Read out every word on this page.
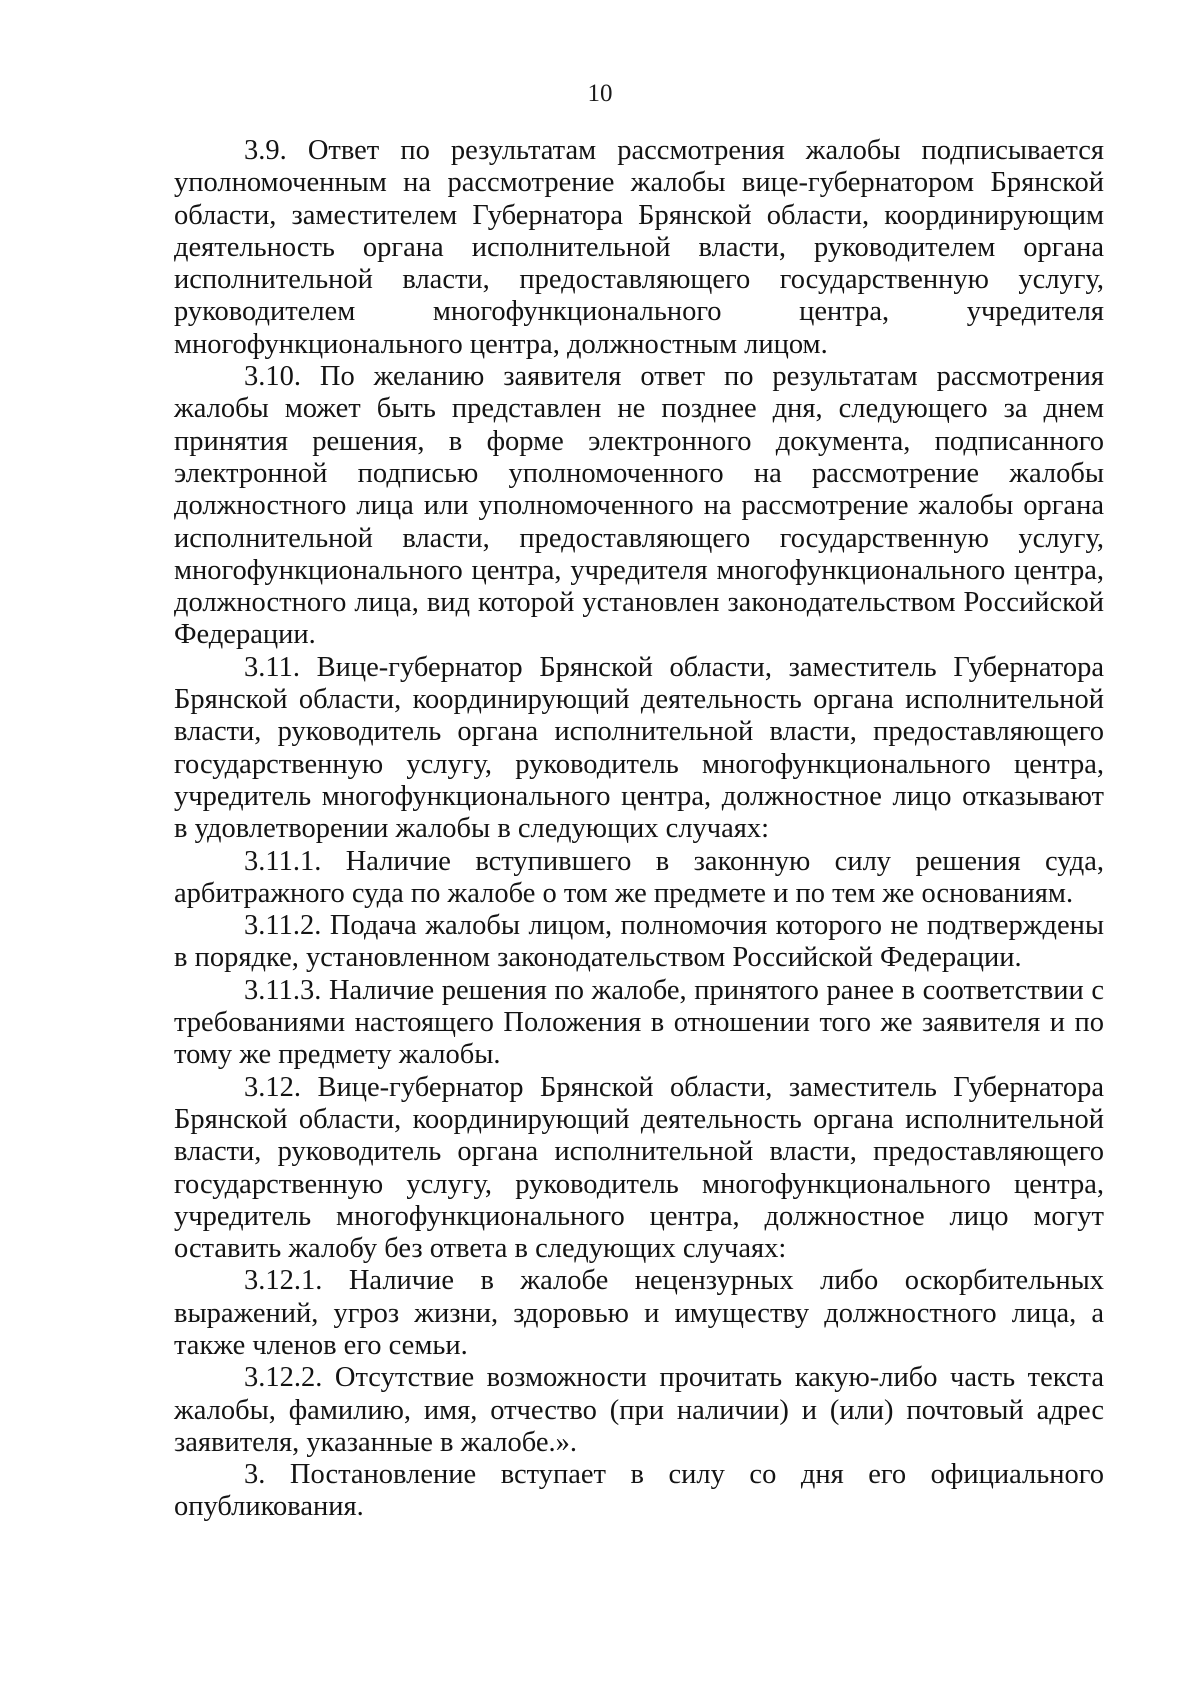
10

3.9. Ответ по результатам рассмотрения жалобы подписывается уполномоченным на рассмотрение жалобы вице-губернатором Брянской области, заместителем Губернатора Брянской области, координирующим деятельность органа исполнительной власти, руководителем органа исполнительной власти, предоставляющего государственную услугу, руководителем многофункционального центра, учредителя многофункционального центра, должностным лицом.

3.10. По желанию заявителя ответ по результатам рассмотрения жалобы может быть представлен не позднее дня, следующего за днем принятия решения, в форме электронного документа, подписанного электронной подписью уполномоченного на рассмотрение жалобы должностного лица или уполномоченного на рассмотрение жалобы органа исполнительной власти, предоставляющего государственную услугу, многофункционального центра, учредителя многофункционального центра, должностного лица, вид которой установлен законодательством Российской Федерации.

3.11. Вице-губернатор Брянской области, заместитель Губернатора Брянской области, координирующий деятельность органа исполнительной власти, руководитель органа исполнительной власти, предоставляющего государственную услугу, руководитель многофункционального центра, учредитель многофункционального центра, должностное лицо отказывают в удовлетворении жалобы в следующих случаях:

3.11.1. Наличие вступившего в законную силу решения суда, арбитражного суда по жалобе о том же предмете и по тем же основаниям.

3.11.2. Подача жалобы лицом, полномочия которого не подтверждены в порядке, установленном законодательством Российской Федерации.

3.11.3. Наличие решения по жалобе, принятого ранее в соответствии с требованиями настоящего Положения в отношении того же заявителя и по тому же предмету жалобы.

3.12. Вице-губернатор Брянской области, заместитель Губернатора Брянской области, координирующий деятельность органа исполнительной власти, руководитель органа исполнительной власти, предоставляющего государственную услугу, руководитель многофункционального центра, учредитель многофункционального центра, должностное лицо могут оставить жалобу без ответа в следующих случаях:

3.12.1. Наличие в жалобе нецензурных либо оскорбительных выражений, угроз жизни, здоровью и имуществу должностного лица, а также членов его семьи.

3.12.2. Отсутствие возможности прочитать какую-либо часть текста жалобы, фамилию, имя, отчество (при наличии) и (или) почтовый адрес заявителя, указанные в жалобе.».

3. Постановление вступает в силу со дня его официального опубликования.
